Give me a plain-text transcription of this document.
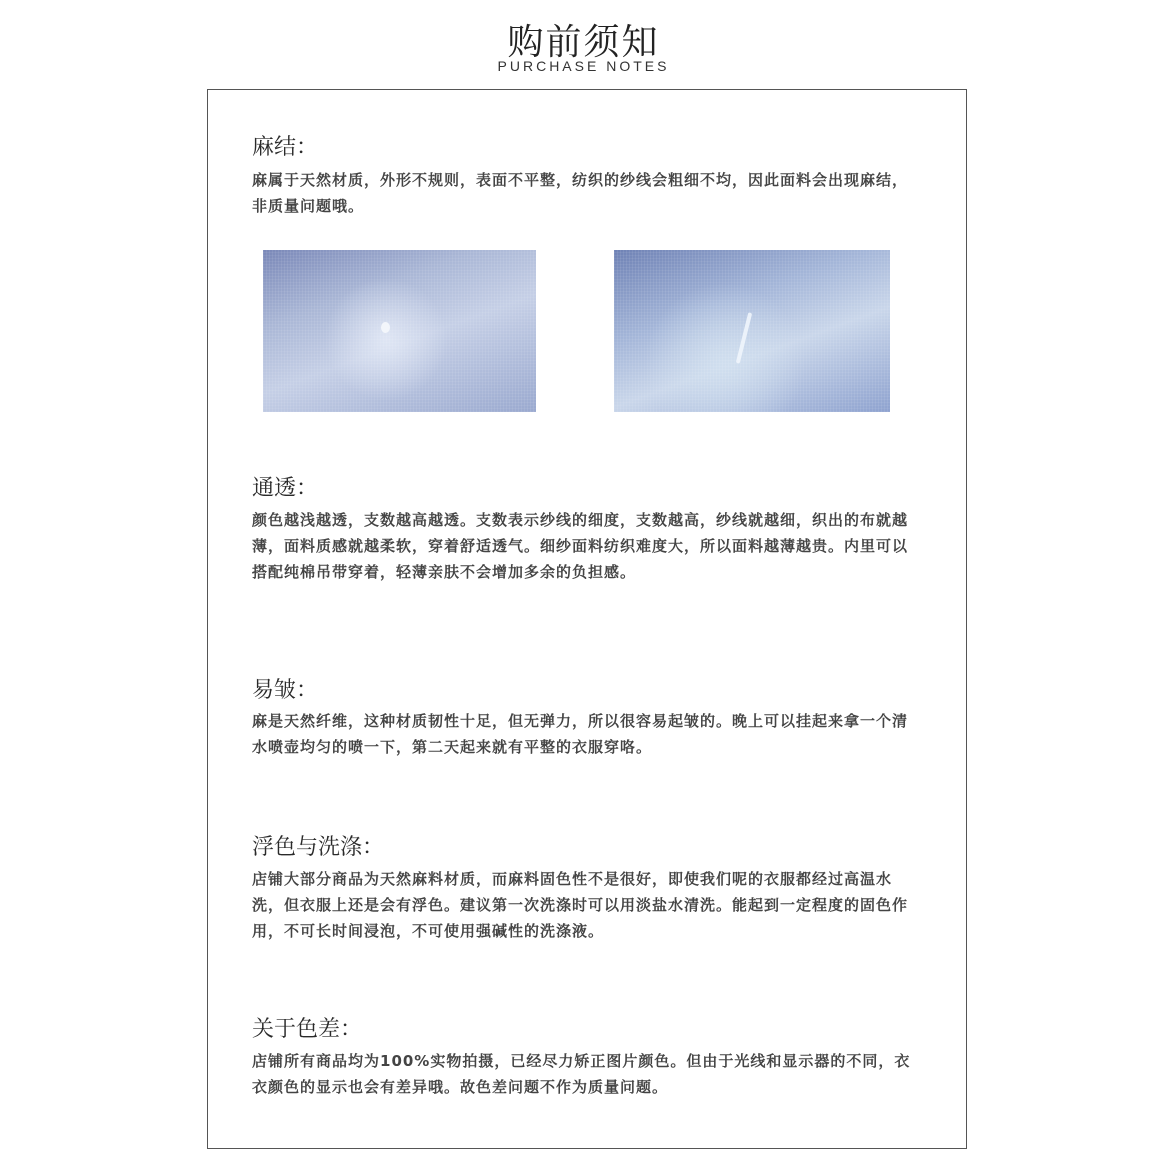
购前须知
PURCHASE NOTES
麻结：

麻属于天然材质，外形不规则，表面不平整，纺织的纱线会粗细不均，因此面料会出现麻结，非质量问题哦。

通透：

颜色越浅越透，支数越高越透。支数表示纱线的细度，支数越高，纱线就越细，织出的布就越薄，面料质感就越柔软，穿着舒适透气。细纱面料纺织难度大，所以面料越薄越贵。内里可以搭配纯棉吊带穿着，轻薄亲肤不会增加多余的负担感。

易皱：

麻是天然纤维，这种材质韧性十足，但无弹力，所以很容易起皱的。晚上可以挂起来拿一个清水喷壶均匀的喷一下，第二天起来就有平整的衣服穿咯。

浮色与洗涤：

店铺大部分商品为天然麻料材质，而麻料固色性不是很好，即使我们呢的衣服都经过高温水洗，但衣服上还是会有浮色。建议第一次洗涤时可以用淡盐水清洗。能起到一定程度的固色作用，不可长时间浸泡，不可使用强碱性的洗涤液。

关于色差：

店铺所有商品均为100%实物拍摄，已经尽力矫正图片颜色。但由于光线和显示器的不同，衣衣颜色的显示也会有差异哦。故色差问题不作为质量问题。
